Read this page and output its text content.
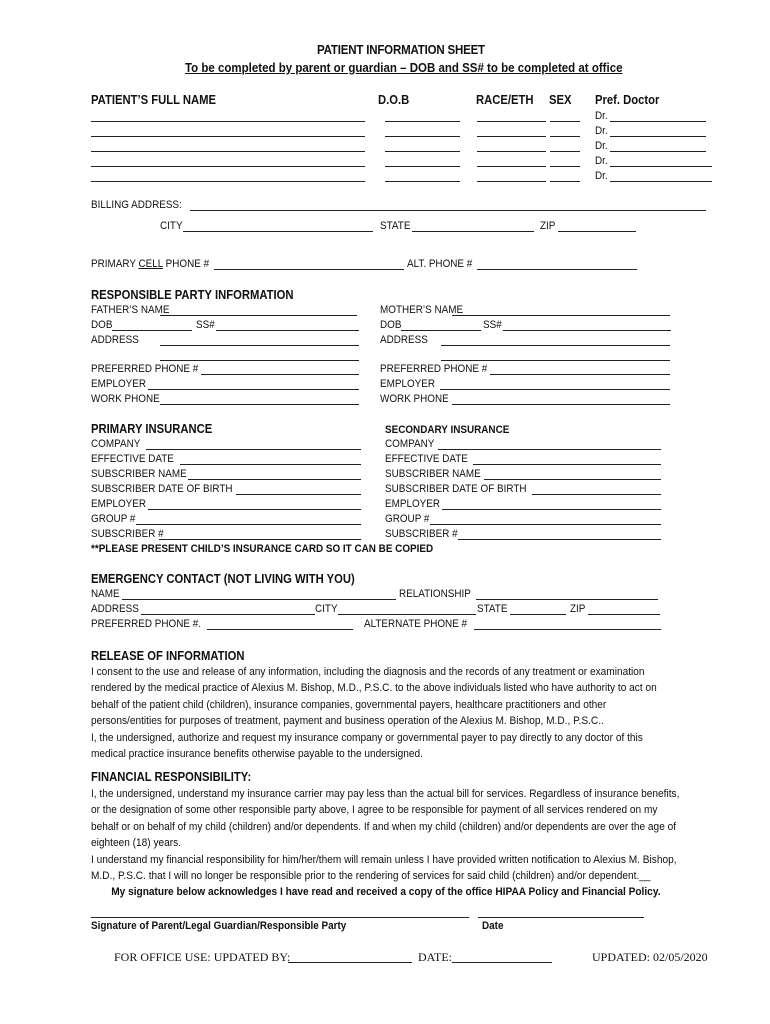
PATIENT INFORMATION SHEET
To be completed by parent or guardian – DOB and SS# to be completed at office
PATIENT’S FULL NAME	D.O.B	RACE/ETH SEX Pref. Doctor
Dr.
Dr.
Dr.
Dr.
Dr.
BILLING ADDRESS:
CITY	STATE	ZIP
PRIMARY CELL PHONE #	ALT. PHONE #
RESPONSIBLE PARTY INFORMATION
FATHER’S NAME	MOTHER’S NAME
DOB	SS#	DOB	SS#
ADDRESS	ADDRESS
PREFERRED PHONE #	PREFERRED PHONE #
EMPLOYER	EMPLOYER
WORK PHONE	WORK PHONE
PRIMARY INSURANCE	SECONDARY INSURANCE
COMPANY	COMPANY
EFFECTIVE DATE	EFFECTIVE DATE
SUBSCRIBER NAME	SUBSCRIBER NAME
SUBSCRIBER DATE OF BIRTH	SUBSCRIBER DATE OF BIRTH
EMPLOYER	EMPLOYER
GROUP #	GROUP #
SUBSCRIBER #	SUBSCRIBER #
**PLEASE PRESENT CHILD’S INSURANCE CARD SO IT CAN BE COPIED
EMERGENCY CONTACT (NOT LIVING WITH YOU)
NAME	RELATIONSHIP
ADDRESS	CITY	STATE	ZIP
PREFERRED PHONE #.	ALTERNATE PHONE #
RELEASE OF INFORMATION

I consent to the use and release of any information, including the diagnosis and the records of any treatment or examination rendered by the medical practice of Alexius M. Bishop, M.D., P.S.C. to the above individuals listed who have authority to act on behalf of the patient child (children), insurance companies, governmental payers, healthcare practitioners and other persons/entities for purposes of treatment, payment and business operation of the Alexius M. Bishop, M.D., P.S.C..

I, the undersigned, authorize and request my insurance company or governmental payer to pay directly to any doctor of this medical practice insurance benefits otherwise payable to the undersigned.

FINANCIAL RESPONSIBILITY:

I, the undersigned, understand my insurance carrier may pay less than the actual bill for services. Regardless of insurance benefits, or the designation of some other responsible party above, I agree to be responsible for payment of all services rendered on my behalf or on behalf of my child (children) and/or dependents. If and when my child (children) and/or dependents are over the age of eighteen (18) years.

I understand my financial responsibility for him/her/them will remain unless I have provided written notification to Alexius M. Bishop, M.D., P.S.C. that I will no longer be responsible prior to the rendering of services for said child (children) and/or dependent.__

My signature below acknowledges I have read and received a copy of the office HIPAA Policy and Financial Policy.

Signature of Parent/Legal Guardian/Responsible Party	Date
FOR OFFICE USE: UPDATED BY:	DATE:	UPDATED: 02/05/2020
